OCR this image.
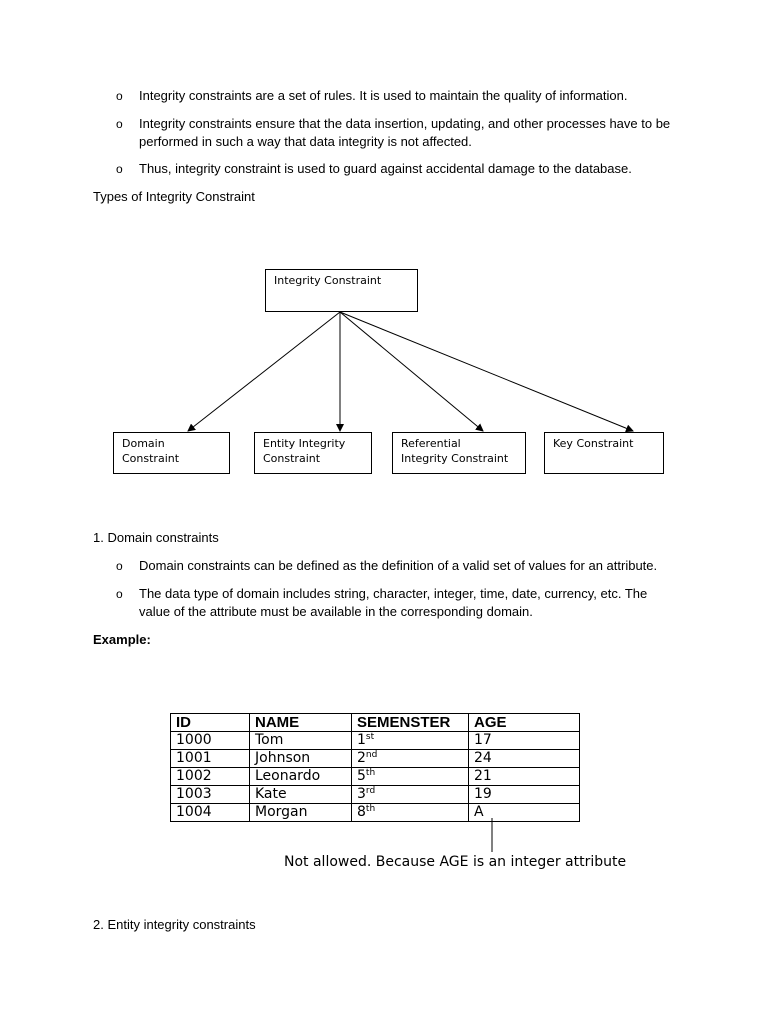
o Integrity constraints are a set of rules. It is used to maintain the quality of information.
o Integrity constraints ensure that the data insertion, updating, and other processes have to be performed in such a way that data integrity is not affected.
o Thus, integrity constraint is used to guard against accidental damage to the database.
Types of Integrity Constraint
Integrity Constraint
Domain
Constraint
Entity Integrity
Constraint
Referential
Integrity Constraint
Key Constraint
1. Domain constraints
o Domain constraints can be defined as the definition of a valid set of values for an attribute.
o The data type of domain includes string, character, integer, time, date, currency, etc. The value of the attribute must be available in the corresponding domain.
Example:
ID	NAME	SEMENSTER	AGE
1000	Tom	1st	17
1001	Johnson	2nd	24
1002	Leonardo	5th	21
1003	Kate	3rd	19
1004	Morgan	8th	A
Not allowed. Because AGE is an integer attribute
2. Entity integrity constraints
